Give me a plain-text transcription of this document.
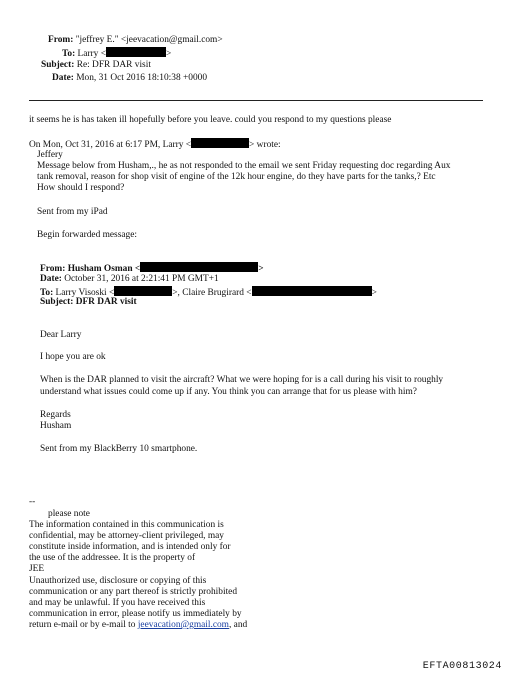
From: "jeffrey E." <jeevacation@gmail.com>
To: Larry <	>
Subject: Re: DFR DAR visit
Date: Mon, 31 Oct 2016 18:10:38 +0000
it seems he is has taken ill hopefully before you leave. could you respond to my questions please
On Mon, Oct 31, 2016 at 6:17 PM, Larry <	> wrote:
Jeffery
Message below from Husham,., he as not responded to the email we sent Friday requesting doc regarding Aux
tank removal, reason for shop visit of engine of the 12k hour engine, do they have parts for the tanks,? Etc
How should I respond?
Sent from my iPad
Begin forwarded message:
From: Husham Osman <	>
Date: October 31, 2016 at 2:21:41 PM GMT+1
To: Larry Visoski <	>, Claire Brugirard <	>
Subject: DFR DAR visit
Dear Larry
I hope you are ok
When is the DAR planned to visit the aircraft? What we were hoping for is a call during his visit to roughly
understand what issues could come up if any. You think you can arrange that for us please with him?
Regards
Husham
Sent from my BlackBerry 10 smartphone.
--
please note
The information contained in this communication is
confidential, may be attorney-client privileged, may
constitute inside information, and is intended only for
the use of the addressee. It is the property of
JEE
Unauthorized use, disclosure or copying of this
communication or any part thereof is strictly prohibited
and may be unlawful. If you have received this
communication in error, please notify us immediately by
return e-mail or by e-mail to jeevacation@gmail.com, and
EFTA00813024
